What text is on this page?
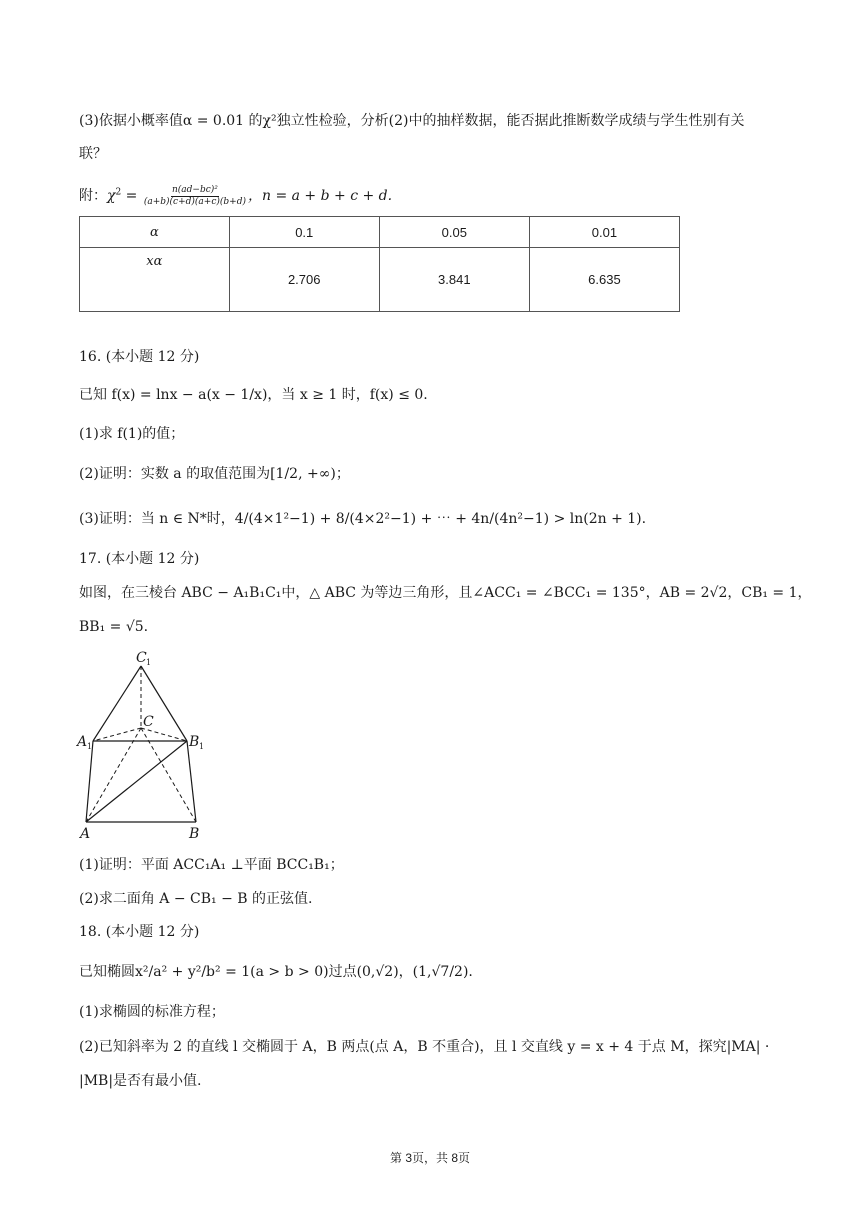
(3)依据小概率值α = 0.01 的χ²独立性检验，分析(2)中的抽样数据，能否据此推断数学成绩与学生性别有关
联？
附：$\chi^2 = \frac{\text{n(ad−bc)²}}{(a+b)(c+d)(a+c)(b+d)}$ ，n = a + b + c + d.
α	0.1	0.05	0.01
xα	2.706	3.841	6.635
16. (本小题 12 分)
已知 f(x) = lnx − a(x − 1/x)，当 x ≥ 1 时，f(x) ≤ 0.
(1)求 f(1)的值；
(2)证明：实数 a 的取值范围为[1/2, +∞)；
(3)证明：当 n ∈ N*时，4/(4×1²−1) + 8/(4×2²−1) + ⋯ + 4n/(4n²−1) > ln(2n + 1).
17. (本小题 12 分)
如图，在三棱台 ABC − A₁B₁C₁中，△ ABC 为等边三角形，且∠ACC₁ = ∠BCC₁ = 135°，AB = 2√2，CB₁ = 1，
BB₁ = √5.
C 1
A 1	B 1
C
A	B
(1)证明：平面 ACC₁A₁ ⊥平面 BCC₁B₁；
(2)求二面角 A − CB₁ − B 的正弦值.
18. (本小题 12 分)
已知椭圆x²/a² + y²/b² = 1(a > b > 0)过点(0,√2)，(1,√7/2).
(1)求椭圆的标准方程；
(2)已知斜率为 2 的直线 l 交椭圆于 A，B 两点(点 A，B 不重合)，且 l 交直线 y = x + 4 于点 M，探究|MA| ·
|MB|是否有最小值.
第 3页，共 8页
